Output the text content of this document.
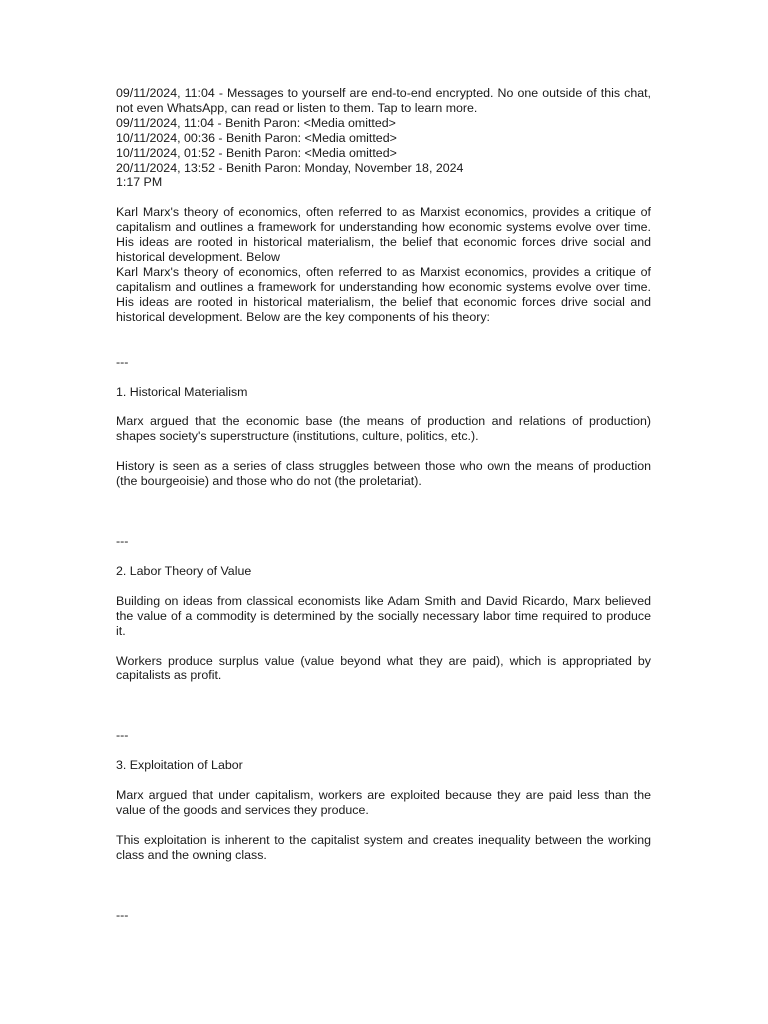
09/11/2024, 11:04 - Messages to yourself are end-to-end encrypted. No one outside of this chat, not even WhatsApp, can read or listen to them. Tap to learn more.

09/11/2024, 11:04 - Benith Paron: <Media omitted>
10/11/2024, 00:36 - Benith Paron: <Media omitted>
10/11/2024, 01:52 - Benith Paron: <Media omitted>
20/11/2024, 13:52 - Benith Paron: Monday, November 18, 2024
1:17 PM

Karl Marx's theory of economics, often referred to as Marxist economics, provides a critique of capitalism and outlines a framework for understanding how economic systems evolve over time. His ideas are rooted in historical materialism, the belief that economic forces drive social and historical development. Below

Karl Marx's theory of economics, often referred to as Marxist economics, provides a critique of capitalism and outlines a framework for understanding how economic systems evolve over time. His ideas are rooted in historical materialism, the belief that economic forces drive social and historical development. Below are the key components of his theory:

---
1. Historical Materialism

Marx argued that the economic base (the means of production and relations of production) shapes society's superstructure (institutions, culture, politics, etc.).

History is seen as a series of class struggles between those who own the means of production (the bourgeoisie) and those who do not (the proletariat).

---
2. Labor Theory of Value

Building on ideas from classical economists like Adam Smith and David Ricardo, Marx believed the value of a commodity is determined by the socially necessary labor time required to produce it.

Workers produce surplus value (value beyond what they are paid), which is appropriated by capitalists as profit.

---
3. Exploitation of Labor

Marx argued that under capitalism, workers are exploited because they are paid less than the value of the goods and services they produce.

This exploitation is inherent to the capitalist system and creates inequality between the working class and the owning class.

---
